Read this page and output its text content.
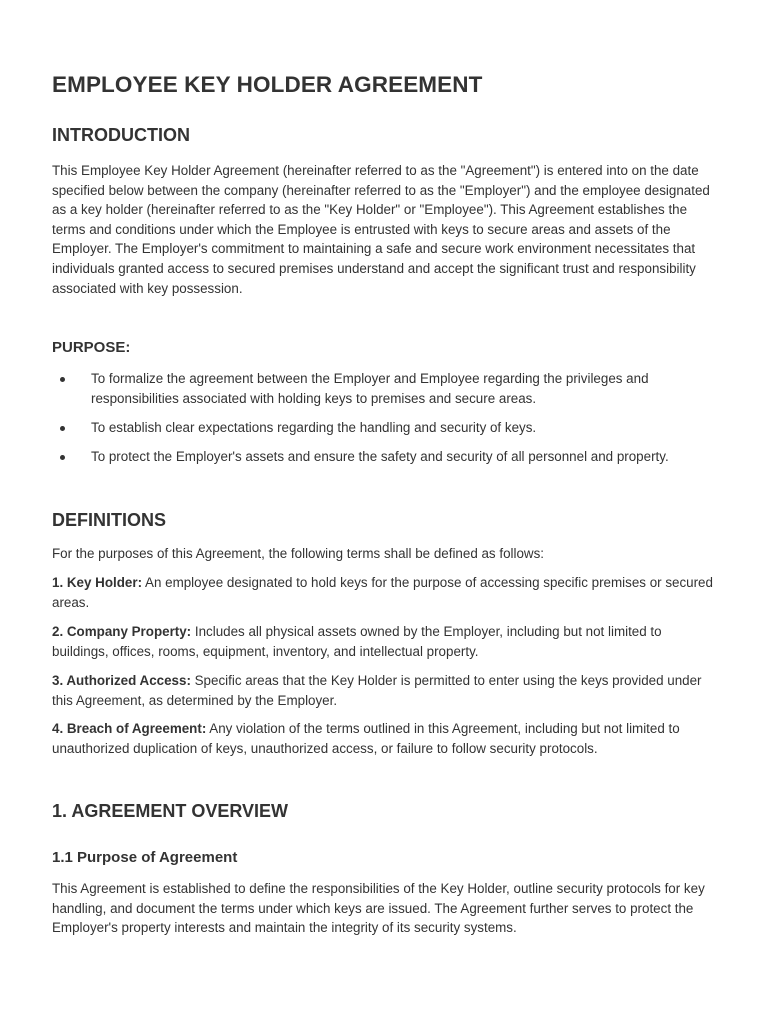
EMPLOYEE KEY HOLDER AGREEMENT
INTRODUCTION

This Employee Key Holder Agreement (hereinafter referred to as the "Agreement") is entered into on the date specified below between the company (hereinafter referred to as the "Employer") and the employee designated as a key holder (hereinafter referred to as the "Key Holder" or "Employee"). This Agreement establishes the terms and conditions under which the Employee is entrusted with keys to secure areas and assets of the Employer. The Employer's commitment to maintaining a safe and secure work environment necessitates that individuals granted access to secured premises understand and accept the significant trust and responsibility associated with key possession.

PURPOSE:
To formalize the agreement between the Employer and Employee regarding the privileges and responsibilities associated with holding keys to premises and secure areas.
To establish clear expectations regarding the handling and security of keys.
To protect the Employer's assets and ensure the safety and security of all personnel and property.
DEFINITIONS

For the purposes of this Agreement, the following terms shall be defined as follows:

1. Key Holder: An employee designated to hold keys for the purpose of accessing specific premises or secured areas.

2. Company Property: Includes all physical assets owned by the Employer, including but not limited to buildings, offices, rooms, equipment, inventory, and intellectual property.

3. Authorized Access: Specific areas that the Key Holder is permitted to enter using the keys provided under this Agreement, as determined by the Employer.

4. Breach of Agreement: Any violation of the terms outlined in this Agreement, including but not limited to unauthorized duplication of keys, unauthorized access, or failure to follow security protocols.

1. AGREEMENT OVERVIEW
1.1 Purpose of Agreement

This Agreement is established to define the responsibilities of the Key Holder, outline security protocols for key handling, and document the terms under which keys are issued. The Agreement further serves to protect the Employer's property interests and maintain the integrity of its security systems.
